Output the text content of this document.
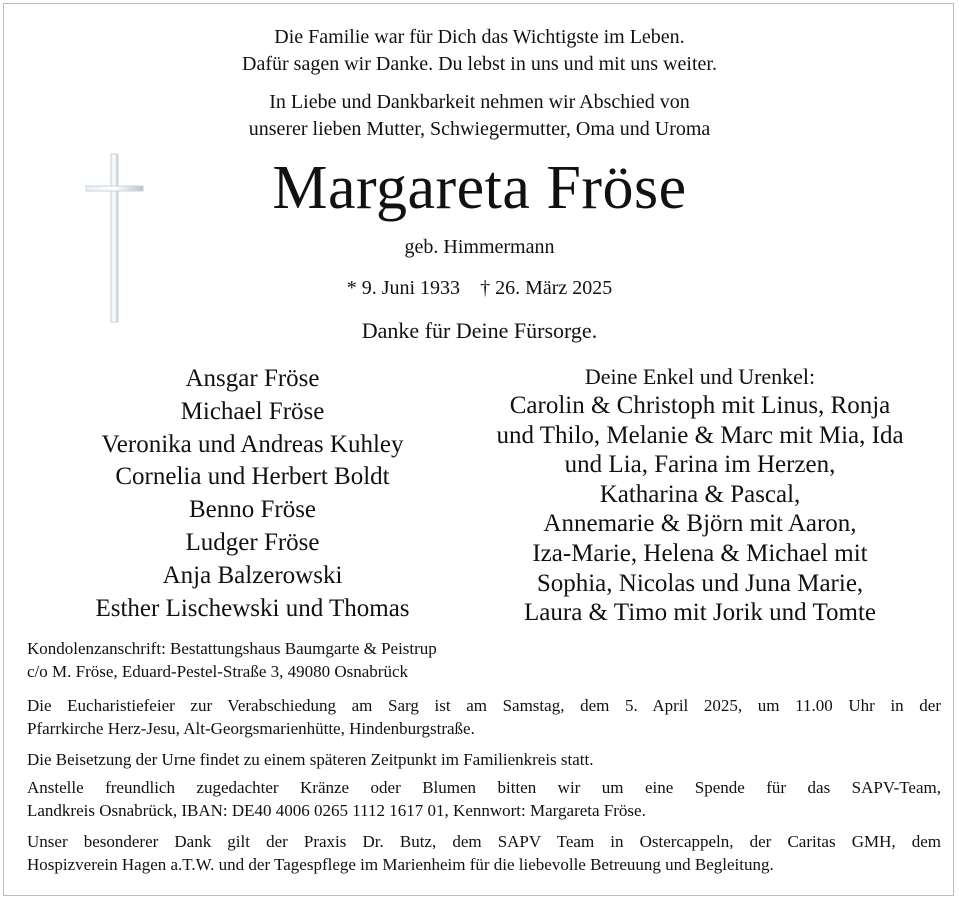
Die Familie war für Dich das Wichtigste im Leben.
Dafür sagen wir Danke. Du lebst in uns und mit uns weiter.
In Liebe und Dankbarkeit nehmen wir Abschied von
unserer lieben Mutter, Schwiegermutter, Oma und Uroma
Margareta Fröse
geb. Himmermann
* 9. Juni 1933 † 26. März 2025
Danke für Deine Fürsorge.
Ansgar Fröse
Michael Fröse
Veronika und Andreas Kuhley
Cornelia und Herbert Boldt
Benno Fröse
Ludger Fröse
Anja Balzerowski
Esther Lischewski und Thomas
Deine Enkel und Urenkel:
Carolin & Christoph mit Linus, Ronja
und Thilo, Melanie & Marc mit Mia, Ida
und Lia, Farina im Herzen,
Katharina & Pascal,
Annemarie & Björn mit Aaron,
Iza-Marie, Helena & Michael mit
Sophia, Nicolas und Juna Marie,
Laura & Timo mit Jorik und Tomte
Kondolenzanschrift: Bestattungshaus Baumgarte & Peistrup
c/o M. Fröse, Eduard-Pestel-Straße 3, 49080 Osnabrück
Die Eucharistiefeier zur Verabschiedung am Sarg ist am Samstag, dem 5. April 2025, um 11.00 Uhr in der
Pfarrkirche Herz-Jesu, Alt-Georgsmarienhütte, Hindenburgstraße.
Die Beisetzung der Urne findet zu einem späteren Zeitpunkt im Familienkreis statt.
Anstelle freundlich zugedachter Kränze oder Blumen bitten wir um eine Spende für das SAPV-Team,
Landkreis Osnabrück, IBAN: DE40 4006 0265 1112 1617 01, Kennwort: Margareta Fröse.
Unser besonderer Dank gilt der Praxis Dr. Butz, dem SAPV Team in Ostercappeln, der Caritas GMH, dem
Hospizverein Hagen a.T.W. und der Tagespflege im Marienheim für die liebevolle Betreuung und Begleitung.
